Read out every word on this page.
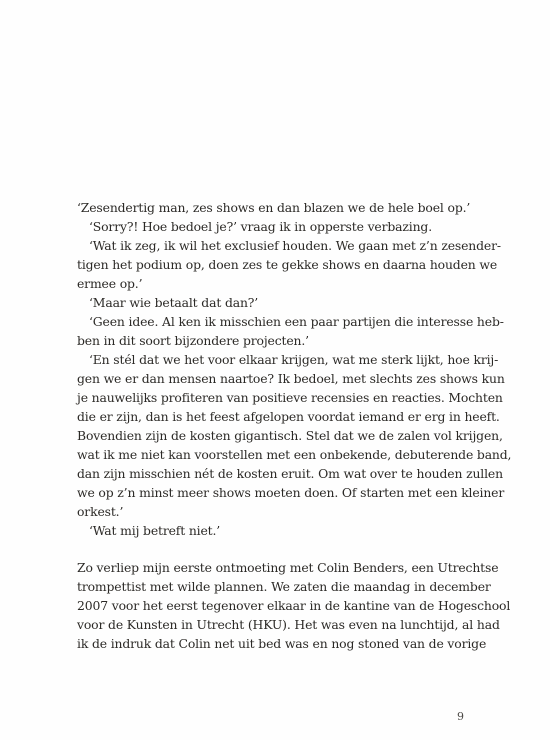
‘Zesendertig man, zes shows en dan blazen we de hele boel op.’
‘Sorry?! Hoe bedoel je?’ vraag ik in opperste verbazing.
‘Wat ik zeg, ik wil het exclusief houden. We gaan met z’n zesender-
tigen het podium op, doen zes te gekke shows en daarna houden we
ermee op.’
‘Maar wie betaalt dat dan?’
‘Geen idee. Al ken ik misschien een paar partijen die interesse heb-
ben in dit soort bijzondere projecten.’
‘En stél dat we het voor elkaar krijgen, wat me sterk lijkt, hoe krij-
gen we er dan mensen naartoe? Ik bedoel, met slechts zes shows kun
je nauwelijks profiteren van positieve recensies en reacties. Mochten
die er zijn, dan is het feest afgelopen voordat iemand er erg in heeft.
Bovendien zijn de kosten gigantisch. Stel dat we de zalen vol krijgen,
wat ik me niet kan voorstellen met een onbekende, debuterende band,
dan zijn misschien nét de kosten eruit. Om wat over te houden zullen
we op z’n minst meer shows moeten doen. Of starten met een kleiner
orkest.’
‘Wat mij betreft niet.’
Zo verliep mijn eerste ontmoeting met Colin Benders, een Utrechtse
trompettist met wilde plannen. We zaten die maandag in december
2007 voor het eerst tegenover elkaar in de kantine van de Hogeschool
voor de Kunsten in Utrecht (HKU). Het was even na lunchtijd, al had
ik de indruk dat Colin net uit bed was en nog stoned van de vorige
9
